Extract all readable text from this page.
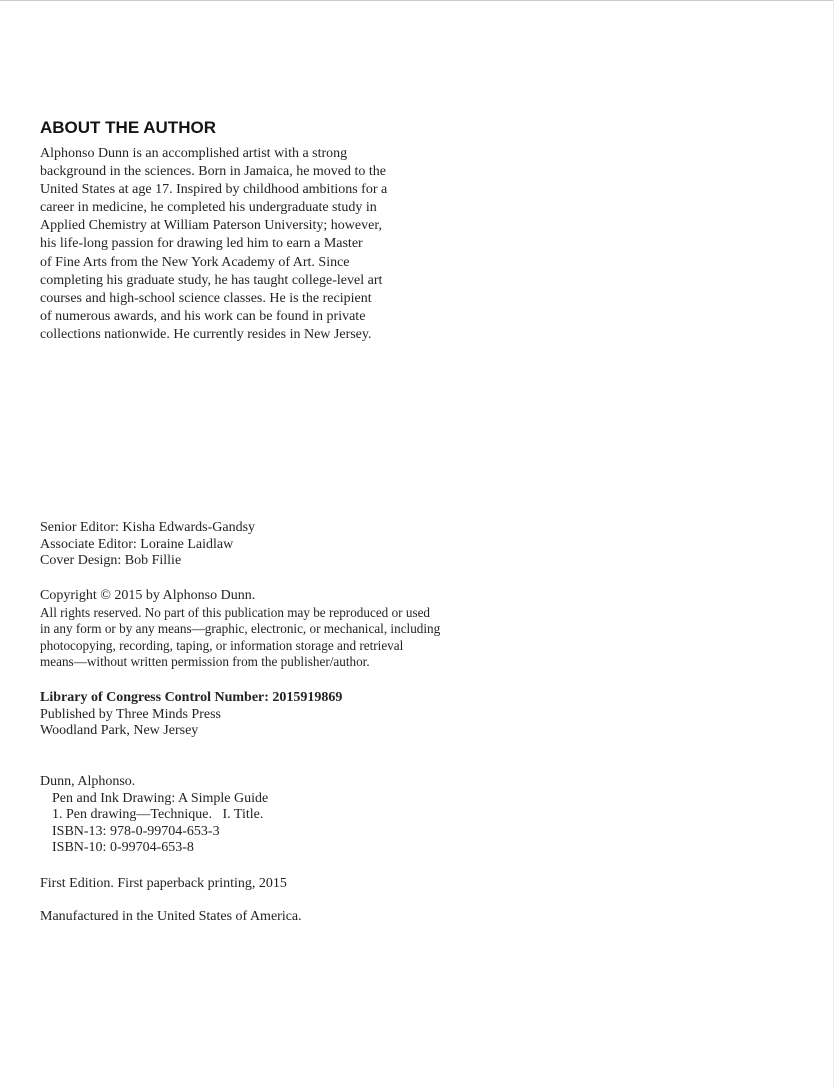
ABOUT THE AUTHOR
Alphonso Dunn is an accomplished artist with a strong
background in the sciences. Born in Jamaica, he moved to the
United States at age 17. Inspired by childhood ambitions for a
career in medicine, he completed his undergraduate study in
Applied Chemistry at William Paterson University; however,
his life-long passion for drawing led him to earn a Master
of Fine Arts from the New York Academy of Art. Since
completing his graduate study, he has taught college-level art
courses and high-school science classes. He is the recipient
of numerous awards, and his work can be found in private
collections nationwide. He currently resides in New Jersey.
Senior Editor: Kisha Edwards-Gandsy
Associate Editor: Loraine Laidlaw
Cover Design: Bob Fillie
Copyright © 2015 by Alphonso Dunn.
All rights reserved. No part of this publication may be reproduced or used
in any form or by any means—graphic, electronic, or mechanical, including
photocopying, recording, taping, or information storage and retrieval
means—without written permission from the publisher/author.
Library of Congress Control Number: 2015919869
Published by Three Minds Press
Woodland Park, New Jersey
Dunn, Alphonso.
Pen and Ink Drawing: A Simple Guide
1. Pen drawing—Technique.   I. Title.
ISBN-13: 978-0-99704-653-3
ISBN-10: 0-99704-653-8
First Edition. First paperback printing, 2015
Manufactured in the United States of America.
